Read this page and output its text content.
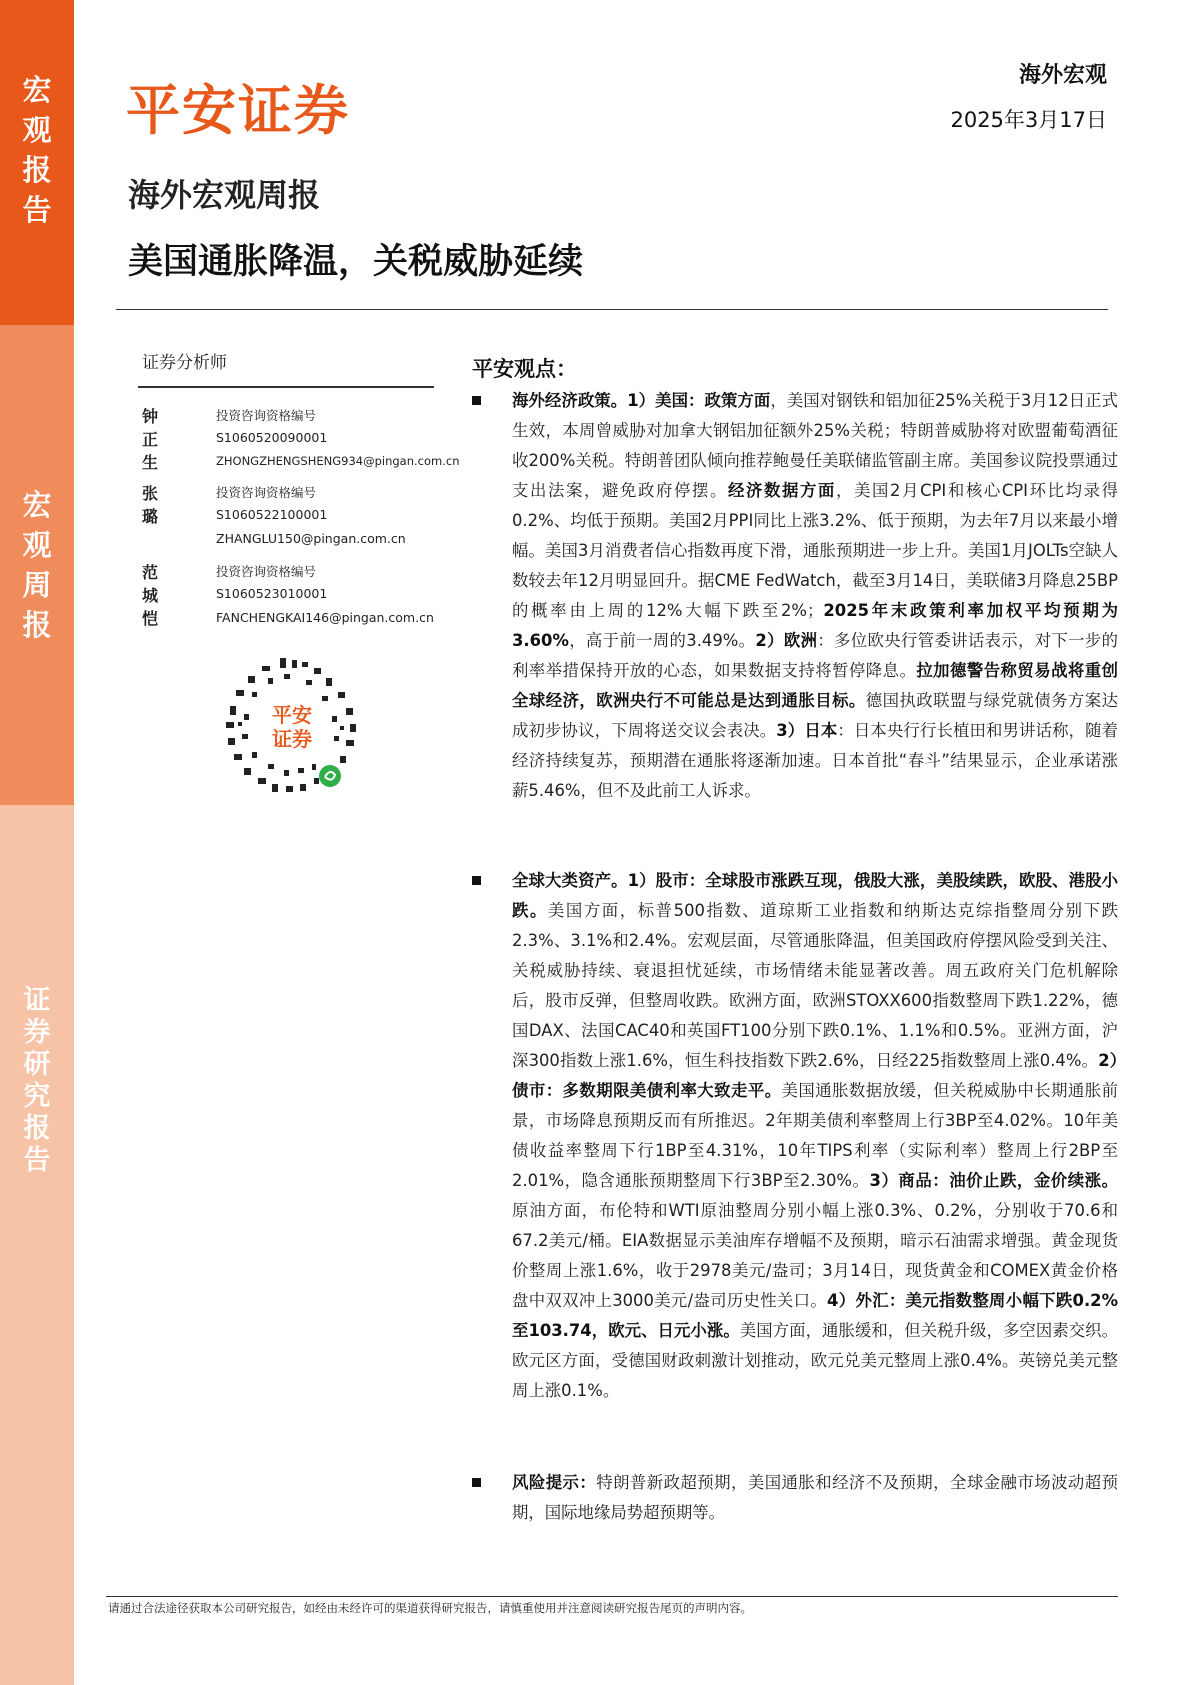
宏
观
报
告
宏
观
周
报
证
券
研
究
报
告
平安证券
海外宏观
2025年3月17日
海外宏观周报
美国通胀降温，关税威胁延续
证券分析师
钟正生
投资咨询资格编号
S1060520090001
ZHONGZHENGSHENG934@pingan.com.cn
张璐
投资咨询资格编号
S1060522100001
ZHANGLU150@pingan.com.cn
范城恺
投资咨询资格编号
S1060523010001
FANCHENGKAI146@pingan.com.cn
平安
证券
平安观点：
海外经济政策。1）美国：政策方面，美国对钢铁和铝加征25%关税于3月12日正式生效，本周曾威胁对加拿大钢铝加征额外25%关税；特朗普威胁将对欧盟葡萄酒征收200%关税。特朗普团队倾向推荐鲍曼任美联储监管副主席。美国参议院投票通过支出法案，避免政府停摆。经济数据方面，美国2月CPI和核心CPI环比均录得0.2%、均低于预期。美国2月PPI同比上涨3.2%、低于预期，为去年7月以来最小增幅。美国3月消费者信心指数再度下滑，通胀预期进一步上升。美国1月JOLTs空缺人数较去年12月明显回升。据CME FedWatch，截至3月14日，美联储3月降息25BP的概率由上周的12%大幅下跌至2%；2025年末政策利率加权平均预期为3.60%，高于前一周的3.49%。2）欧洲：多位欧央行管委讲话表示，对下一步的利率举措保持开放的心态，如果数据支持将暂停降息。拉加德警告称贸易战将重创全球经济，欧洲央行不可能总是达到通胀目标。德国执政联盟与绿党就债务方案达成初步协议，下周将送交议会表决。3）日本：日本央行行长植田和男讲话称，随着经济持续复苏，预期潜在通胀将逐渐加速。日本首批“春斗”结果显示，企业承诺涨薪5.46%，但不及此前工人诉求。
全球大类资产。1）股市：全球股市涨跌互现，俄股大涨，美股续跌，欧股、港股小跌。美国方面，标普500指数、道琼斯工业指数和纳斯达克综指整周分别下跌2.3%、3.1%和2.4%。宏观层面，尽管通胀降温，但美国政府停摆风险受到关注、关税威胁持续、衰退担忧延续，市场情绪未能显著改善。周五政府关门危机解除后，股市反弹，但整周收跌。欧洲方面，欧洲STOXX600指数整周下跌1.22%，德国DAX、法国CAC40和英国FT100分别下跌0.1%、1.1%和0.5%。亚洲方面，沪深300指数上涨1.6%，恒生科技指数下跌2.6%，日经225指数整周上涨0.4%。2）债市：多数期限美债利率大致走平。美国通胀数据放缓，但关税威胁中长期通胀前景，市场降息预期反而有所推迟。2年期美债利率整周上行3BP至4.02%。10年美债收益率整周下行1BP至4.31%，10年TIPS利率（实际利率）整周上行2BP至2.01%，隐含通胀预期整周下行3BP至2.30%。3）商品：油价止跌，金价续涨。原油方面，布伦特和WTI原油整周分别小幅上涨0.3%、0.2%，分别收于70.6和67.2美元/桶。EIA数据显示美油库存增幅不及预期，暗示石油需求增强。黄金现货价整周上涨1.6%，收于2978美元/盎司；3月14日，现货黄金和COMEX黄金价格盘中双双冲上3000美元/盎司历史性关口。4）外汇：美元指数整周小幅下跌0.2%至103.74，欧元、日元小涨。美国方面，通胀缓和，但关税升级，多空因素交织。欧元区方面，受德国财政刺激计划推动，欧元兑美元整周上涨0.4%。英镑兑美元整周上涨0.1%。
风险提示：特朗普新政超预期，美国通胀和经济不及预期，全球金融市场波动超预期，国际地缘局势超预期等。
请通过合法途径获取本公司研究报告，如经由未经许可的渠道获得研究报告，请慎重使用并注意阅读研究报告尾页的声明内容。
